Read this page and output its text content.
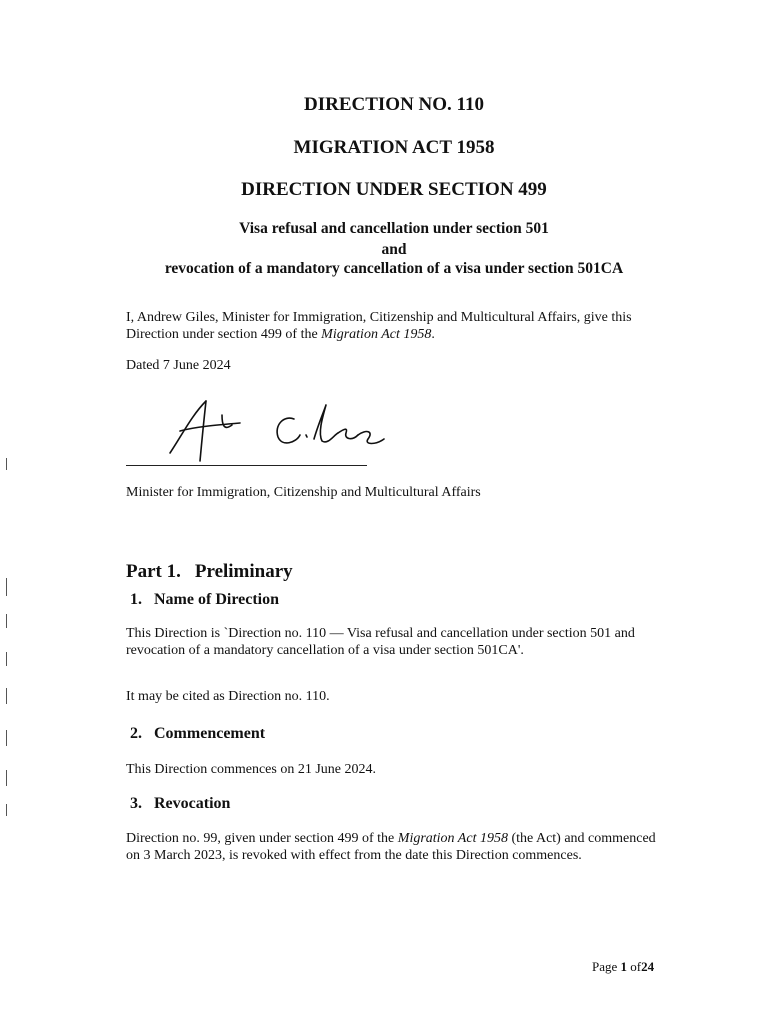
DIRECTION NO. 110
MIGRATION ACT 1958
DIRECTION UNDER SECTION 499
Visa refusal and cancellation under section 501
and
revocation of a mandatory cancellation of a visa under section 501CA
I, Andrew Giles, Minister for Immigration, Citizenship and Multicultural Affairs, give this Direction under section 499 of the Migration Act 1958.
Dated 7 June 2024
Minister for Immigration, Citizenship and Multicultural Affairs
Part 1. Preliminary
1. Name of Direction
This Direction is `Direction no. 110 — Visa refusal and cancellation under section 501 and revocation of a mandatory cancellation of a visa under section 501CA'.
It may be cited as Direction no. 110.
2. Commencement
This Direction commences on 21 June 2024.
3. Revocation
Direction no. 99, given under section 499 of the Migration Act 1958 (the Act) and commenced on 3 March 2023, is revoked with effect from the date this Direction commences.
Page 1 of24
